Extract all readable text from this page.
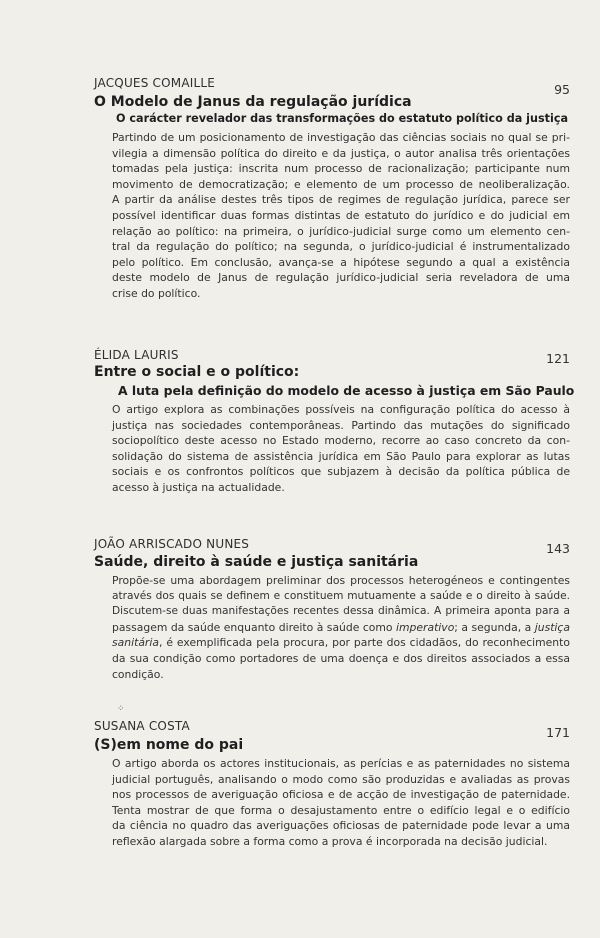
JACQUES COMAILLE	95
O Modelo de Janus da regulação jurídica
O carácter revelador das transformações do estatuto político da justiça
Partindo de um posicionamento de investigação das ciências sociais no qual se pri-
vilegia a dimensão política do direito e da justiça, o autor analisa três orientações
tomadas pela justiça: inscrita num processo de racionalização; participante num
movimento de democratização; e elemento de um processo de neoliberalização.
A partir da análise destes três tipos de regimes de regulação jurídica, parece ser
possível identificar duas formas distintas de estatuto do jurídico e do judicial em
relação ao político: na primeira, o jurídico-judicial surge como um elemento cen-
tral da regulação do político; na segunda, o jurídico-judicial é instrumentalizado
pelo político. Em conclusão, avança-se a hipótese segundo a qual a existência
deste modelo de Janus de regulação jurídico-judicial seria reveladora de uma
crise do político.
ÉLIDA LAURIS	121
Entre o social e o político:
A luta pela definição do modelo de acesso à justiça em São Paulo
O artigo explora as combinações possíveis na configuração política do acesso à
justiça nas sociedades contemporâneas. Partindo das mutações do significado
sociopolítico deste acesso no Estado moderno, recorre ao caso concreto da con-
solidação do sistema de assistência jurídica em São Paulo para explorar as lutas
sociais e os confrontos políticos que subjazem à decisão da política pública de
acesso à justiça na actualidade.
JOÃO ARRISCADO NUNES	143
Saúde, direito à saúde e justiça sanitária
Propõe-se uma abordagem preliminar dos processos heterogéneos e contingentes
através dos quais se definem e constituem mutuamente a saúde e o direito à saúde.
Discutem-se duas manifestações recentes dessa dinâmica. A primeira aponta para a
passagem da saúde enquanto direito à saúde como imperativo; a segunda, a justiça
sanitária, é exemplificada pela procura, por parte dos cidadãos, do reconhecimento
da sua condição como portadores de uma doença e dos direitos associados a essa
condição.
⁘
SUSANA COSTA	171
(S)em nome do pai
O artigo aborda os actores institucionais, as perícias e as paternidades no sistema
judicial português, analisando o modo como são produzidas e avaliadas as provas
nos processos de averiguação oficiosa e de acção de investigação de paternidade.
Tenta mostrar de que forma o desajustamento entre o edifício legal e o edifício
da ciência no quadro das averiguações oficiosas de paternidade pode levar a uma
reflexão alargada sobre a forma como a prova é incorporada na decisão judicial.
